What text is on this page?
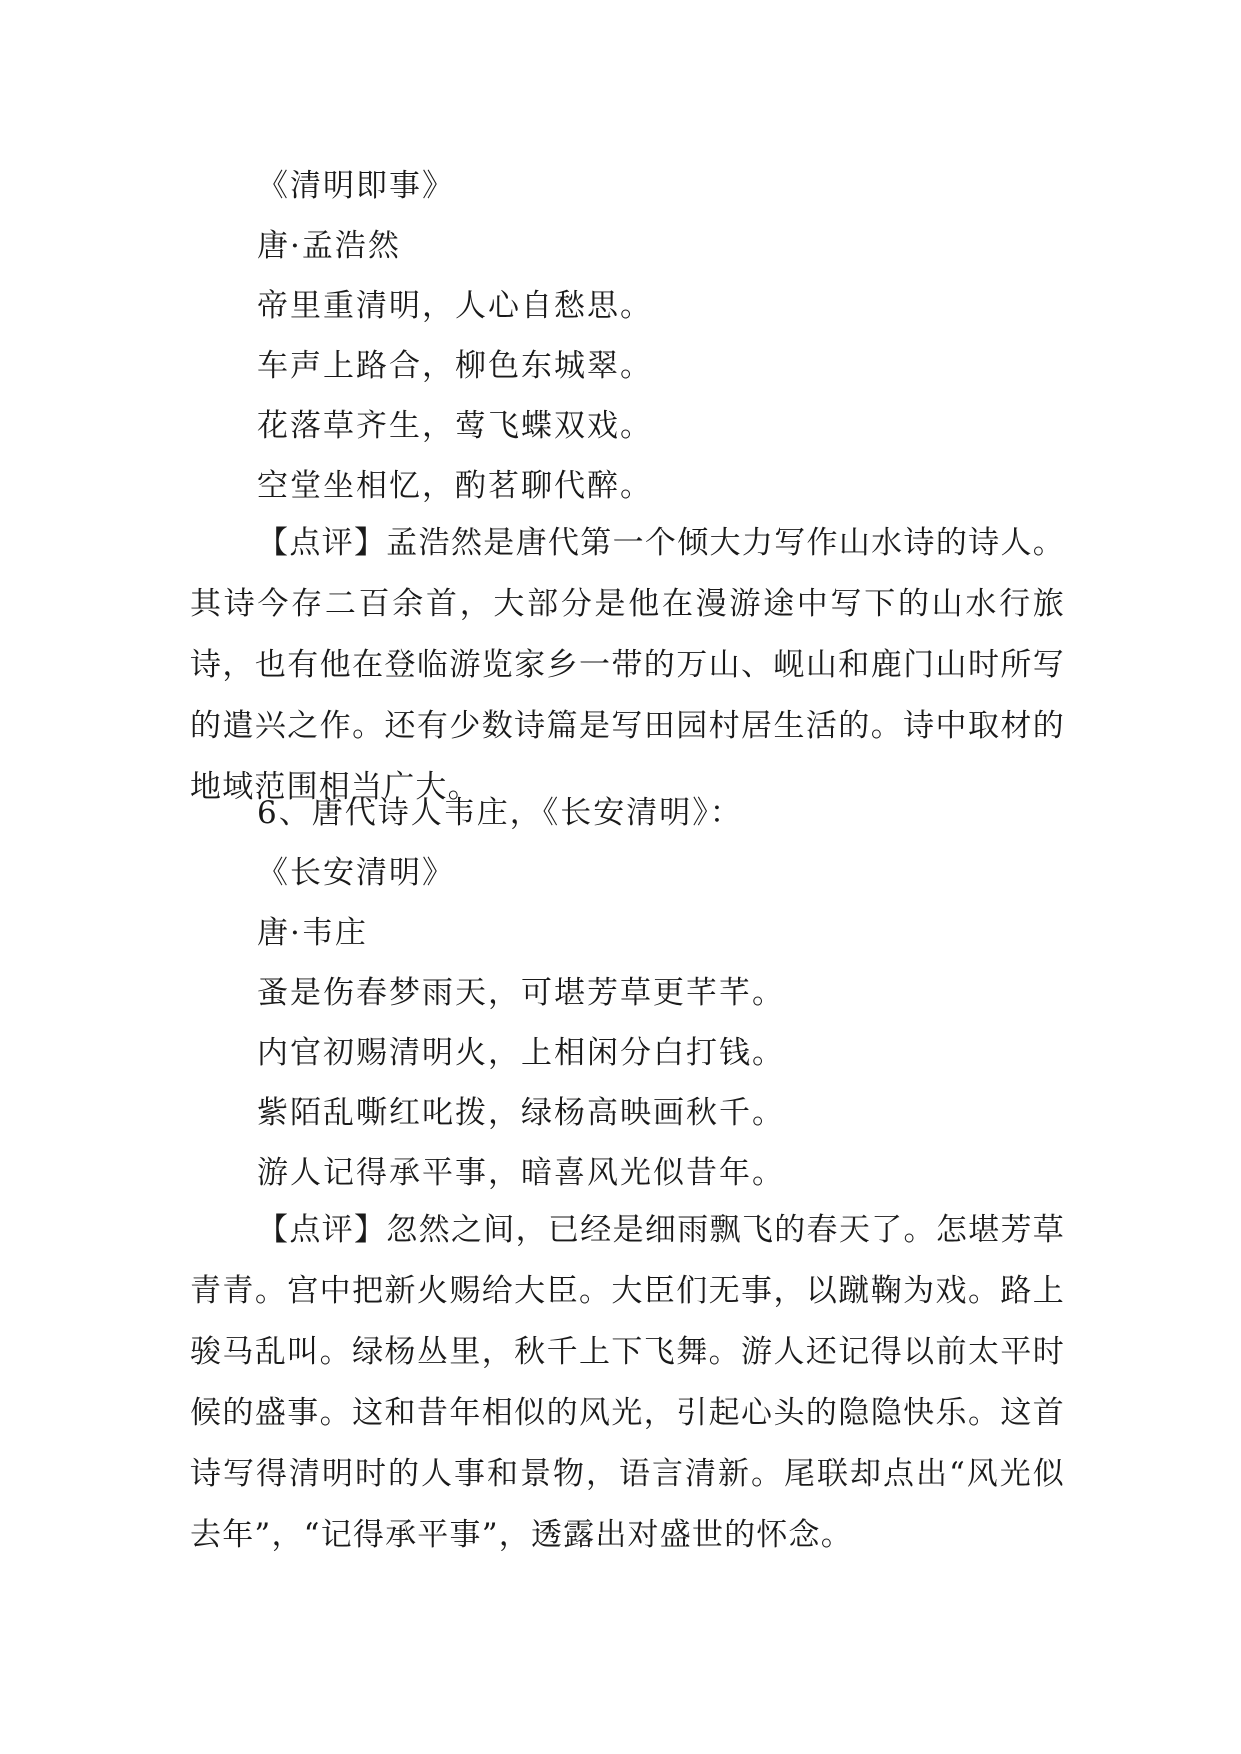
《清明即事》

唐·孟浩然

帝里重清明，人心自愁思。

车声上路合，柳色东城翠。

花落草齐生，莺飞蝶双戏。

空堂坐相忆，酌茗聊代醉。

【点评】孟浩然是唐代第一个倾大力写作山水诗的诗人。其诗今存二百余首，大部分是他在漫游途中写下的山水行旅诗，也有他在登临游览家乡一带的万山、岘山和鹿门山时所写的遣兴之作。还有少数诗篇是写田园村居生活的。诗中取材的地域范围相当广大。

6、唐代诗人韦庄，《长安清明》：

《长安清明》

唐·韦庄

蚤是伤春梦雨天，可堪芳草更芊芊。

内官初赐清明火，上相闲分白打钱。

紫陌乱嘶红叱拨，绿杨高映画秋千。

游人记得承平事，暗喜风光似昔年。

【点评】忽然之间，已经是细雨飘飞的春天了。怎堪芳草青青。宫中把新火赐给大臣。大臣们无事，以蹴鞠为戏。路上骏马乱叫。绿杨丛里，秋千上下飞舞。游人还记得以前太平时候的盛事。这和昔年相似的风光，引起心头的隐隐快乐。这首诗写得清明时的人事和景物，语言清新。尾联却点出“风光似去年”，“记得承平事”，透露出对盛世的怀念。
